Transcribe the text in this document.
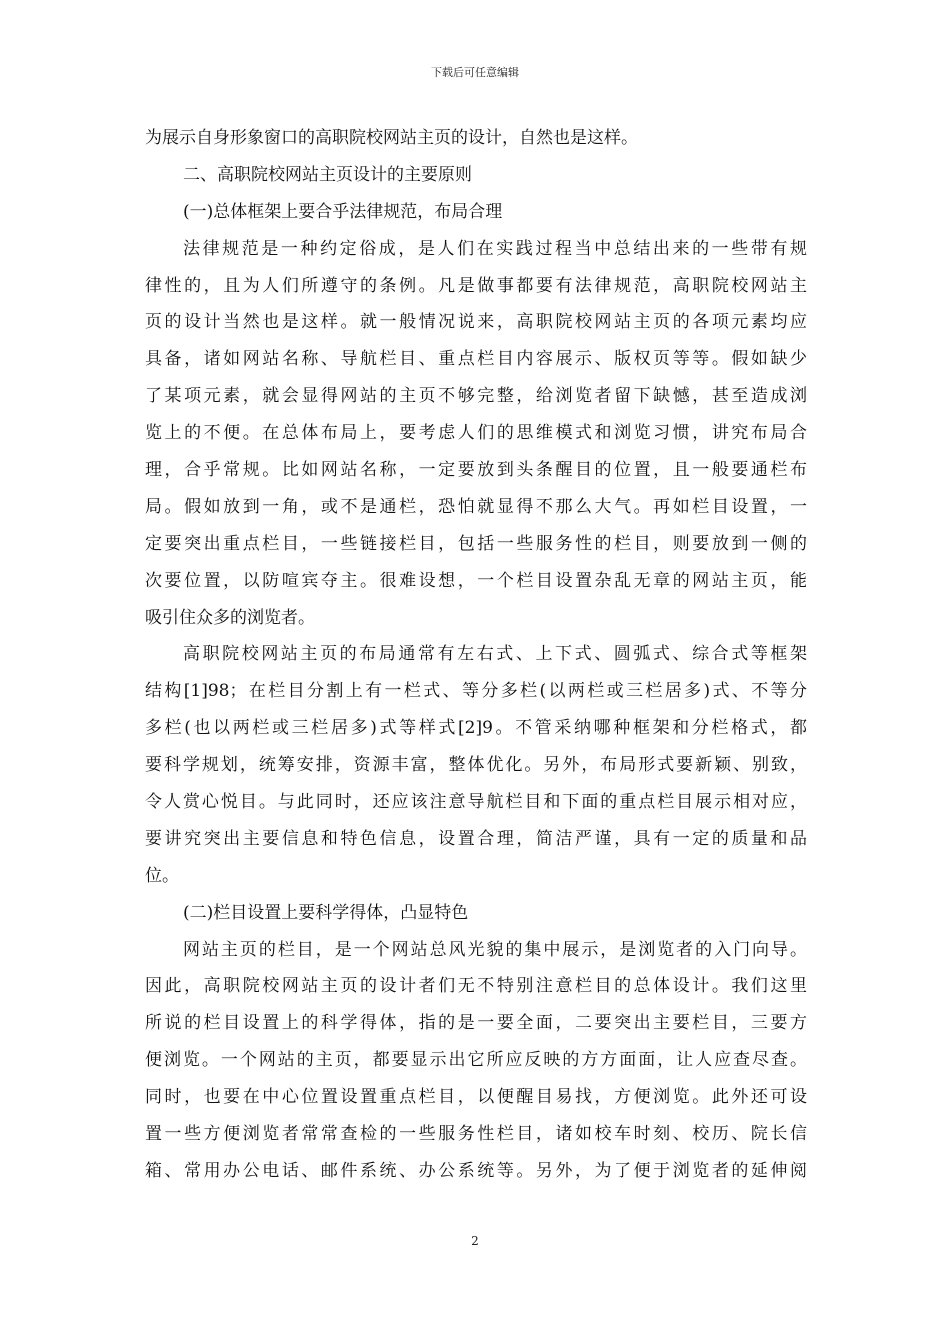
下载后可任意编辑
为展示自身形象窗口的高职院校网站主页的设计，自然也是这样。
二、高职院校网站主页设计的主要原则
(一)总体框架上要合乎法律规范，布局合理
法律规范是一种约定俗成，是人们在实践过程当中总结出来的一些带有规
律性的，且为人们所遵守的条例。凡是做事都要有法律规范，高职院校网站主
页的设计当然也是这样。就一般情况说来，高职院校网站主页的各项元素均应
具备，诸如网站名称、导航栏目、重点栏目内容展示、版权页等等。假如缺少
了某项元素，就会显得网站的主页不够完整，给浏览者留下缺憾，甚至造成浏
览上的不便。在总体布局上，要考虑人们的思维模式和浏览习惯，讲究布局合
理，合乎常规。比如网站名称，一定要放到头条醒目的位置，且一般要通栏布
局。假如放到一角，或不是通栏，恐怕就显得不那么大气。再如栏目设置，一
定要突出重点栏目，一些链接栏目，包括一些服务性的栏目，则要放到一侧的
次要位置，以防喧宾夺主。很难设想，一个栏目设置杂乱无章的网站主页，能
吸引住众多的浏览者。
高职院校网站主页的布局通常有左右式、上下式、圆弧式、综合式等框架
结构[1]98；在栏目分割上有一栏式、等分多栏(以两栏或三栏居多)式、不等分
多栏(也以两栏或三栏居多)式等样式[2]9。不管采纳哪种框架和分栏格式，都
要科学规划，统筹安排，资源丰富，整体优化。另外，布局形式要新颖、别致，
令人赏心悦目。与此同时，还应该注意导航栏目和下面的重点栏目展示相对应，
要讲究突出主要信息和特色信息，设置合理，简洁严谨，具有一定的质量和品
位。
(二)栏目设置上要科学得体，凸显特色
网站主页的栏目，是一个网站总风光貌的集中展示，是浏览者的入门向导。
因此，高职院校网站主页的设计者们无不特别注意栏目的总体设计。我们这里
所说的栏目设置上的科学得体，指的是一要全面，二要突出主要栏目，三要方
便浏览。一个网站的主页，都要显示出它所应反映的方方面面，让人应查尽查。
同时，也要在中心位置设置重点栏目，以便醒目易找，方便浏览。此外还可设
置一些方便浏览者常常查检的一些服务性栏目，诸如校车时刻、校历、院长信
箱、常用办公电话、邮件系统、办公系统等。另外，为了便于浏览者的延伸阅
2
